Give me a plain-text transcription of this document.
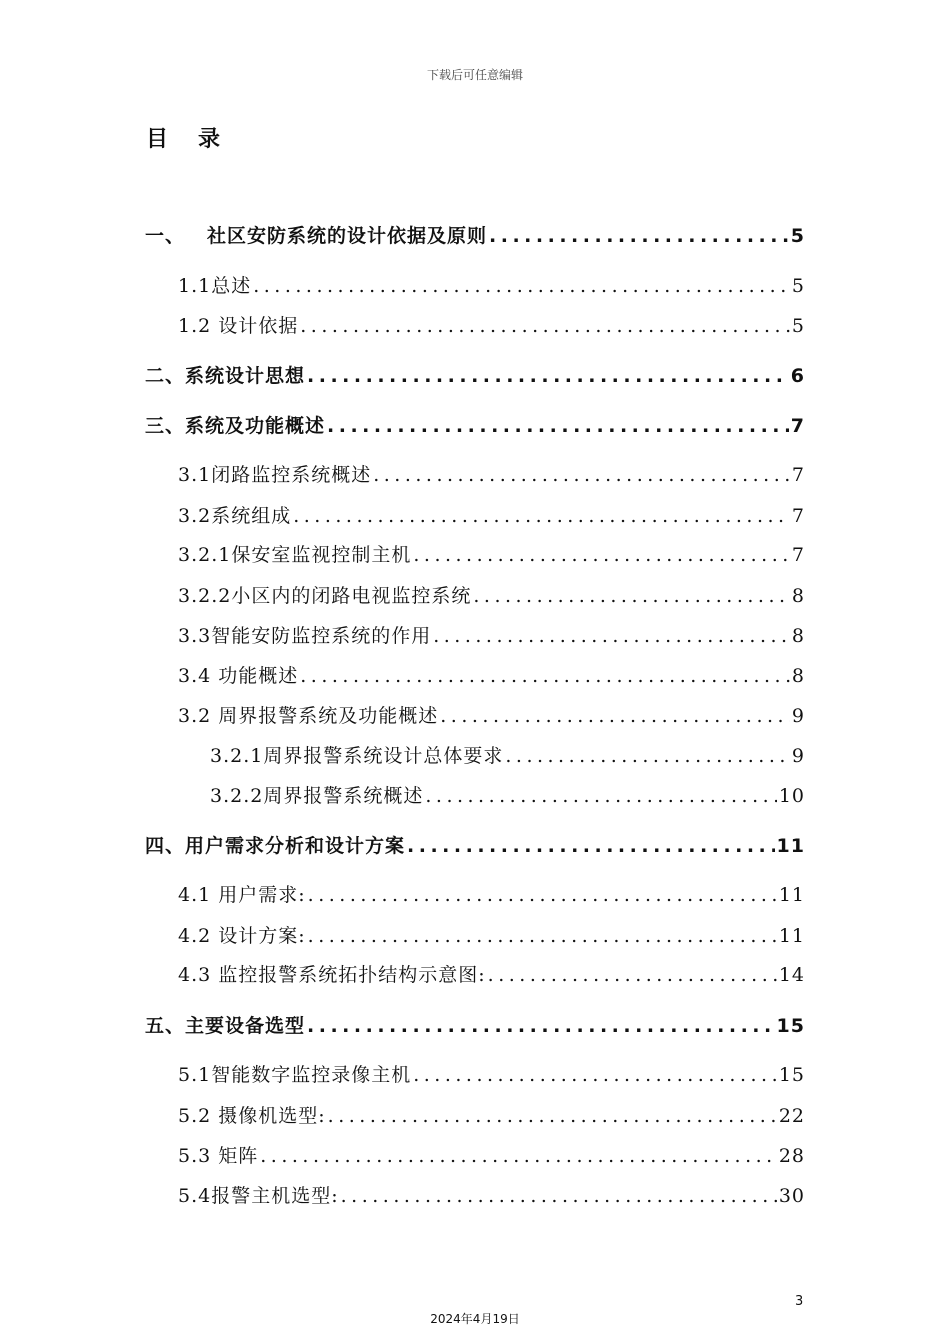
下载后可任意编辑
目录
一、 社区安防系统的设计依据及原则 .....	5
1.1总述 .....	5
1.2 设计依据 .....	5
二、系统设计思想 .....	6
三、系统及功能概述 .....	7
3.1闭路监控系统概述 .....	7
3.2系统组成 .....	7
3.2.1保安室监视控制主机 .....	7
3.2.2小区内的闭路电视监控系统 .....	8
3.3智能安防监控系统的作用 .....	8
3.4 功能概述 .....	8
3.2 周界报警系统及功能概述 .....	9
3.2.1周界报警系统设计总体要求 .....	9
3.2.2周界报警系统概述 .....	10
四、用户需求分析和设计方案 .....	11
4.1 用户需求: .....	11
4.2 设计方案: .....	11
4.3 监控报警系统拓扑结构示意图: .....	14
五、主要设备选型 .....	15
5.1智能数字监控录像主机 .....	15
5.2 摄像机选型: .....	22
5.3 矩阵 .....	28
5.4报警主机选型: .....	30
3
2024年4月19日
